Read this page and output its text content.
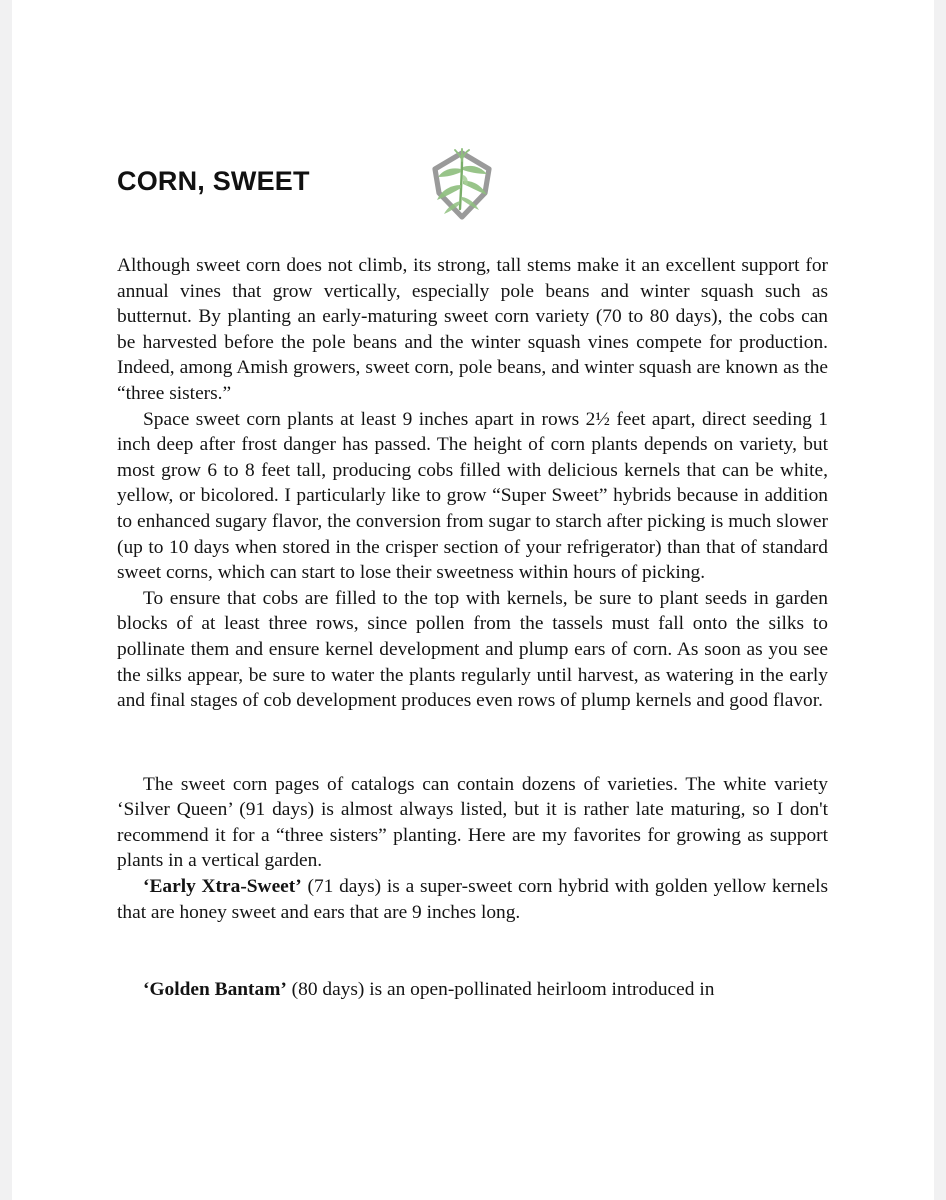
CORN, SWEET

Although sweet corn does not climb, its strong, tall stems make it an excellent support for annual vines that grow vertically, especially pole beans and winter squash such as butternut. By planting an early-maturing sweet corn variety (70 to 80 days), the cobs can be harvested before the pole beans and the winter squash vines compete for production. Indeed, among Amish growers, sweet corn, pole beans, and winter squash are known as the “three sisters.”

Space sweet corn plants at least 9 inches apart in rows 2½ feet apart, direct seeding 1 inch deep after frost danger has passed. The height of corn plants depends on variety, but most grow 6 to 8 feet tall, producing cobs filled with delicious kernels that can be white, yellow, or bicolored. I particularly like to grow “Super Sweet” hybrids because in addition to enhanced sugary flavor, the conversion from sugar to starch after picking is much slower (up to 10 days when stored in the crisper section of your refrigerator) than that of standard sweet corns, which can start to lose their sweetness within hours of picking.

To ensure that cobs are filled to the top with kernels, be sure to plant seeds in garden blocks of at least three rows, since pollen from the tassels must fall onto the silks to pollinate them and ensure kernel development and plump ears of corn. As soon as you see the silks appear, be sure to water the plants regularly until harvest, as watering in the early and final stages of cob development produces even rows of plump kernels and good flavor.

The sweet corn pages of catalogs can contain dozens of varieties. The white variety ‘Silver Queen’ (91 days) is almost always listed, but it is rather late maturing, so I don't recommend it for a “three sisters” planting. Here are my favorites for growing as support plants in a vertical garden.

‘Early Xtra-Sweet’ (71 days) is a super-sweet corn hybrid with golden yellow kernels that are honey sweet and ears that are 9 inches long.

‘Golden Bantam’ (80 days) is an open-pollinated heirloom introduced in
